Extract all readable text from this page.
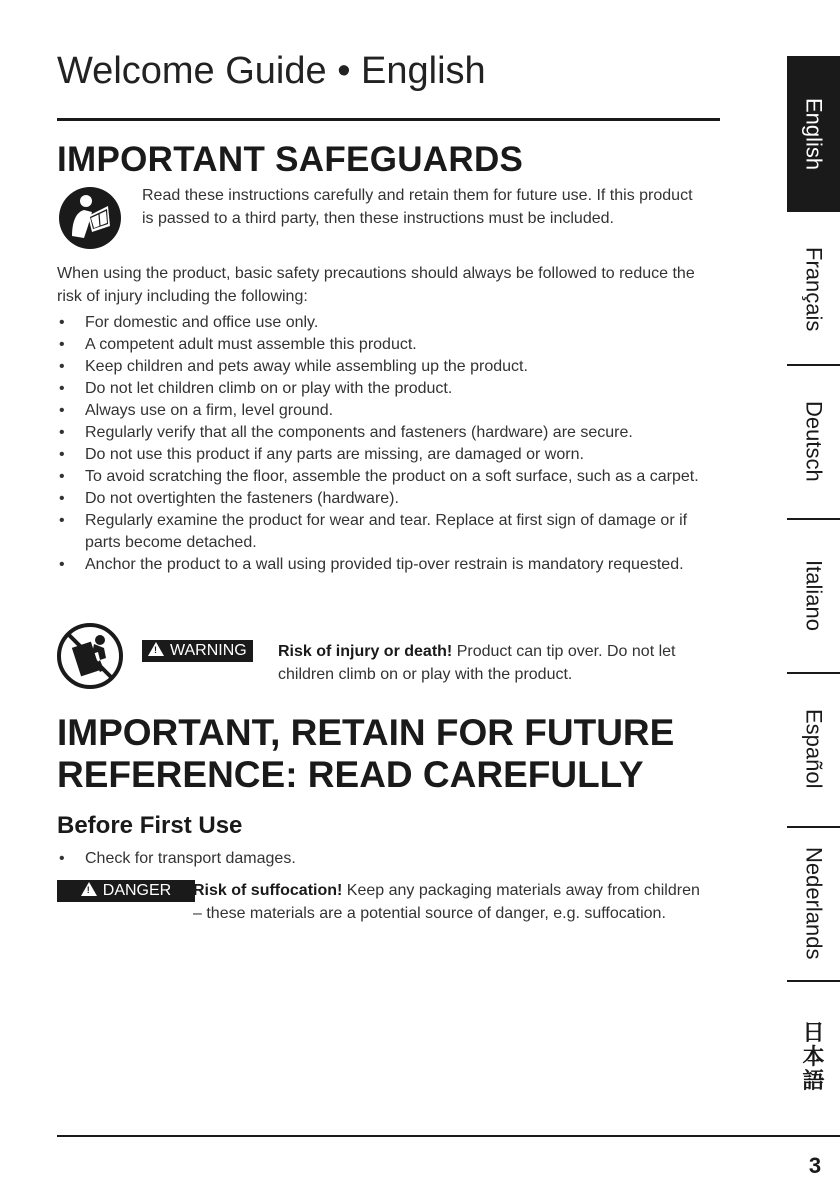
Welcome Guide • English
IMPORTANT SAFEGUARDS
Read these instructions carefully and retain them for future use. If this product is passed to a third party, then these instructions must be included.
When using the product, basic safety precautions should always be followed to reduce the risk of injury including the following:
• For domestic and office use only.
• A competent adult must assemble this product.
• Keep children and pets away while assembling up the product.
• Do not let children climb on or play with the product.
• Always use on a firm, level ground.
• Regularly verify that all the components and fasteners (hardware) are secure.
• Do not use this product if any parts are missing, are damaged or worn.
• To avoid scratching the floor, assemble the product on a soft surface, such as a carpet.
• Do not overtighten the fasteners (hardware).
• Regularly examine the product for wear and tear. Replace at first sign of damage or if parts become detached.
• Anchor the product to a wall using provided tip-over restrain is mandatory requested.
! WARNING	Risk of injury or death! Product can tip over. Do not let children climb on or play with the product.
IMPORTANT, RETAIN FOR FUTURE REFERENCE: READ CAREFULLY
Before First Use
• Check for transport damages.
! DANGER	Risk of suffocation! Keep any packaging materials away from children – these materials are a potential source of danger, e.g. suffocation.
English
Français
Deutsch
Italiano
Español
Nederlands
日本語
3
